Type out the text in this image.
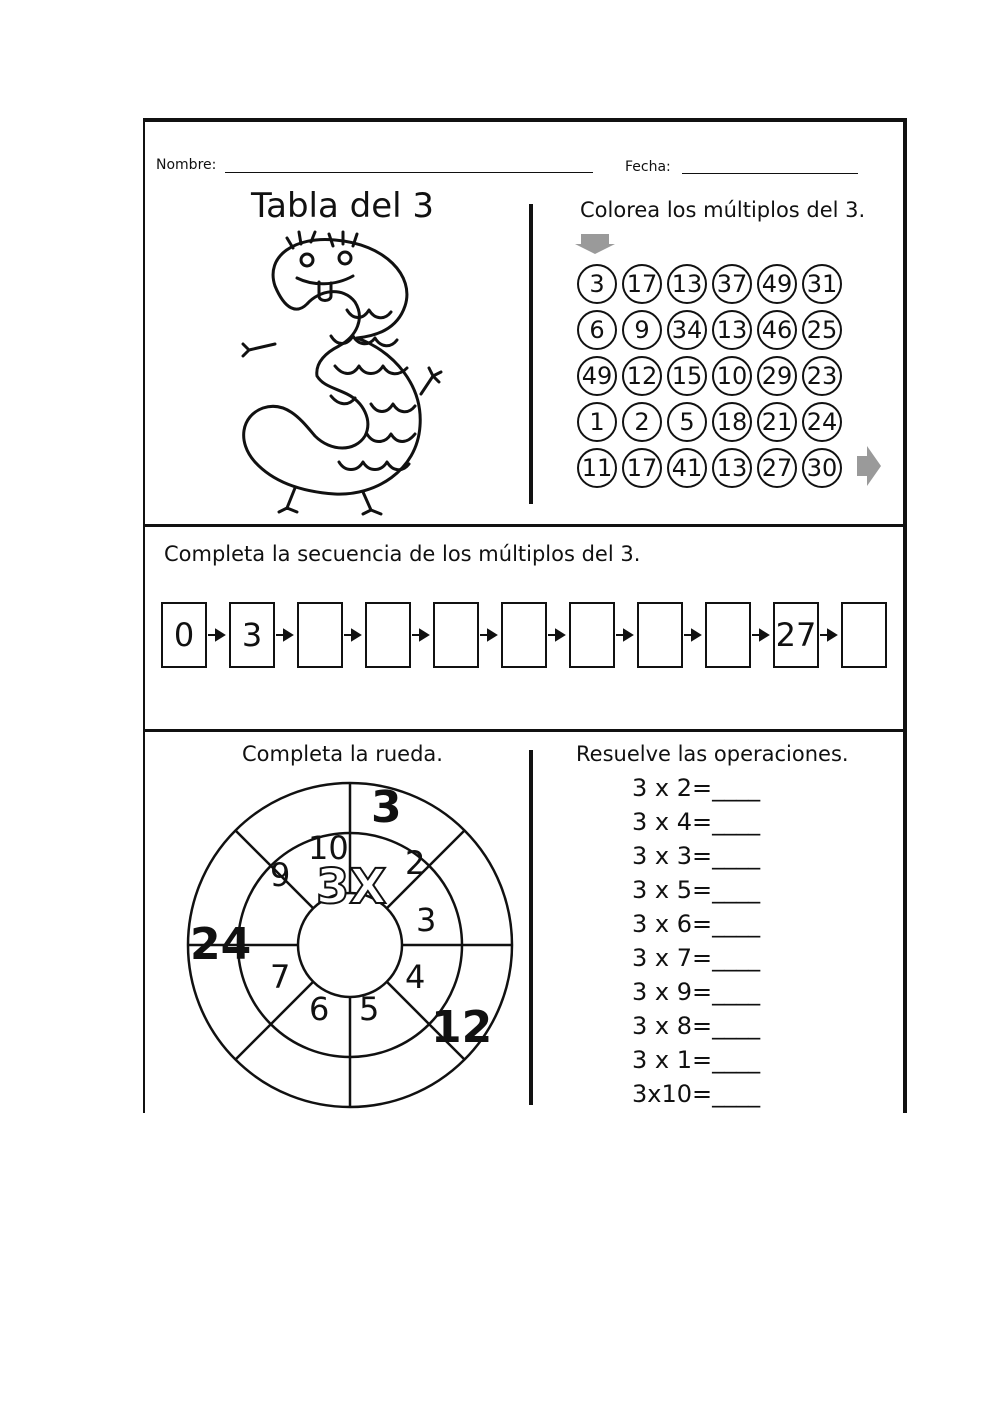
Nombre:	Fecha:
Tabla del 3	Colorea los múltiplos del 3.
3 17 13 37 49 31
6	9 34 13 46 25
49 12 15 10 29 23
1	2	5 18 21 24
11 17 41 13 27 30
Completa la secuencia de los múltiplos del 3.
0	3	27
Completa la rueda.
3X
10 2
3
4
5
6
7
9
3
12
24
Resuelve las operaciones.
3 x 2=____
3 x 4=____
3 x 3=____
3 x 5=____
3 x 6=____
3 x 7=____
3 x 9=____
3 x 8=____
3 x 1=____
3x10=____
